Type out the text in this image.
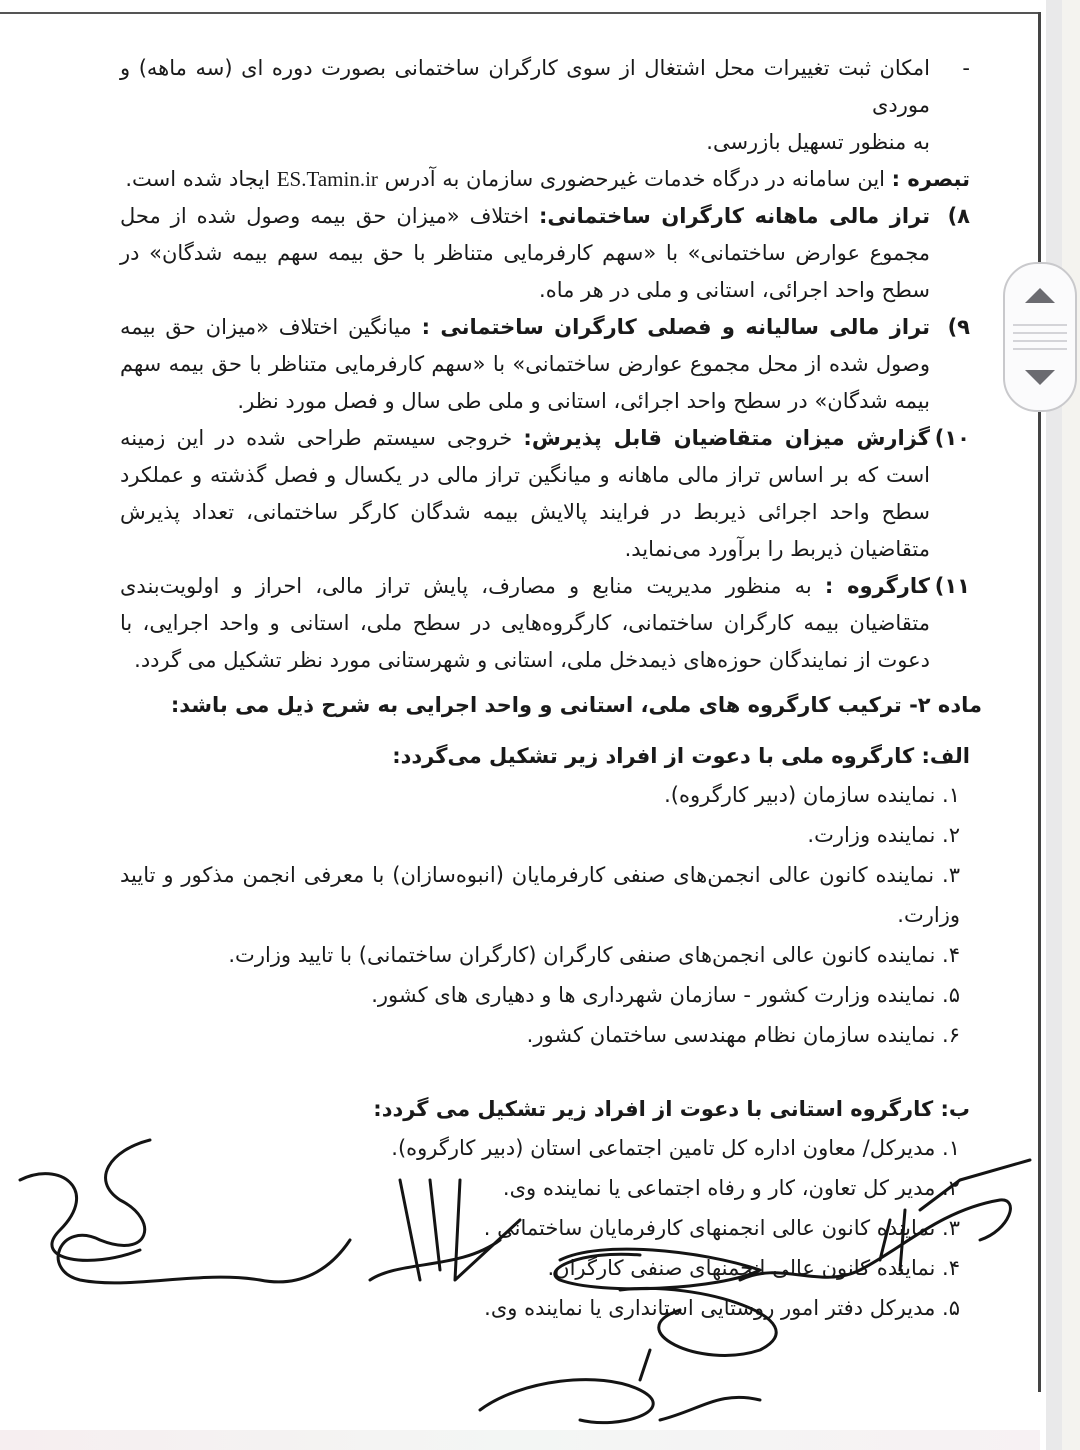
-
امکان ثبت تغییرات محل اشتغال از سوی کارگران ساختمانی بصورت دوره ای (سه ماهه) و موردی
به منظور تسهیل بازرسی.

تبصره : این سامانه در درگاه خدمات غیرحضوری سازمان به آدرس ES.Tamin.ir ایجاد شده است.

۸)
تراز مالی ماهانه کارگران ساختمانی: اختلاف «میزان حق بیمه وصول شده از محل مجموع عوارض ساختمانی» با «سهم کارفرمایی متناظر با حق بیمه سهم بیمه شدگان» در سطح واحد اجرائی، استانی و ملی در هر ماه.
۹)
تراز مالی سالیانه و فصلی کارگران ساختمانی : میانگین اختلاف «میزان حق بیمه وصول شده از محل مجموع عوارض ساختمانی» با «سهم کارفرمایی متناظر با حق بیمه سهم بیمه شدگان» در سطح واحد اجرائی، استانی و ملی طی سال و فصل مورد نظر.
۱۰)
گزارش میزان متقاضیان قابل پذیرش: خروجی سیستم طراحی شده در این زمینه است که بر اساس تراز مالی ماهانه و میانگین تراز مالی در یکسال و فصل گذشته و عملکرد سطح واحد اجرائی ذیربط در فرایند پالایش بیمه شدگان کارگر ساختمانی، تعداد پذیرش متقاضیان ذیربط را برآورد می‌نماید.
۱۱)
کارگروه : به منظور مدیریت منابع و مصارف، پایش تراز مالی، احراز و اولویت‌بندی متقاضیان بیمه کارگران ساختمانی، کارگروه‌هایی در سطح ملی، استانی و واحد اجرایی، با دعوت از نمایندگان حوزه‌های ذیمدخل ملی، استانی و شهرستانی مورد نظر تشکیل می گردد.

ماده ۲- ترکیب کارگروه های ملی، استانی و واحد اجرایی به شرح ذیل می باشد:

الف: کارگروه ملی با دعوت از افراد زیر تشکیل می‌گردد:

۱. نماینده سازمان (دبیر کارگروه).

۲. نماینده وزارت.

۳. نماینده کانون عالی انجمن‌های صنفی کارفرمایان (انبوه‌سازان) با معرفی انجمن مذکور و تایید وزارت.

۴. نماینده کانون عالی انجمن‌های صنفی کارگران (کارگران ساختمانی) با تایید وزارت.

۵. نماینده وزارت کشور - سازمان شهرداری ها و دهیاری های کشور.

۶. نماینده سازمان نظام مهندسی ساختمان کشور.

ب: کارگروه استانی با دعوت از افراد زیر تشکیل می گردد:

۱. مدیرکل/ معاون اداره کل تامین اجتماعی استان (دبیر کارگروه).

۲. مدیر کل تعاون، کار و رفاه اجتماعی یا نماینده وی.

۳. نماینده کانون عالی انجمنهای کارفرمایان ساختمانی .

۴. نماینده کانون عالی انجمنهای صنفی کارگران.

۵. مدیرکل دفتر امور روستایی استانداری یا نماینده وی.
